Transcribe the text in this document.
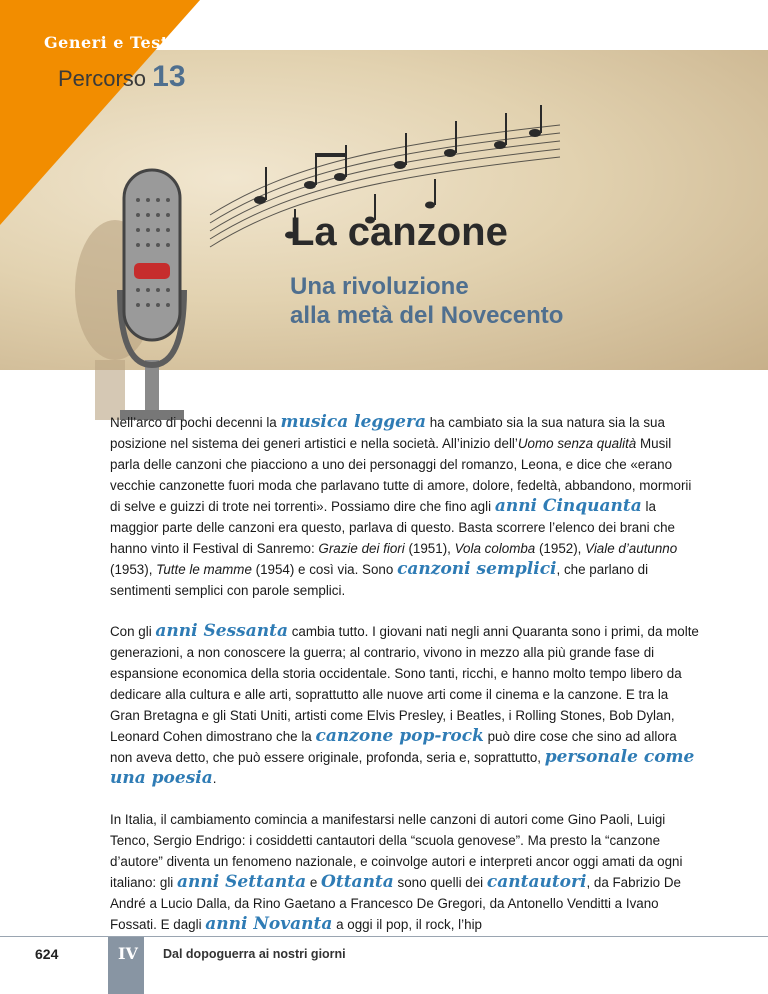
Generi e Testi
Percorso 13
La canzone
Una rivoluzione
alla metà del Novecento

Nell’arco di pochi decenni la musica leggera ha cambiato sia la sua natura sia la sua posizione nel sistema dei generi artistici e nella società. All’inizio dell’Uomo senza qualità Musil parla delle canzoni che piacciono a uno dei personaggi del romanzo, Leona, e dice che «erano vecchie canzonette fuori moda che parlavano tutte di amore, dolore, fedeltà, abbandono, mormorii di selve e guizzi di trote nei torrenti». Possiamo dire che fino agli anni Cinquanta la maggior parte delle canzoni era questo, parlava di questo. Basta scorrere l’elenco dei brani che hanno vinto il Festival di Sanremo: Grazie dei fiori (1951), Vola colomba (1952), Viale d’autunno (1953), Tutte le mamme (1954) e così via. Sono canzoni semplici, che parlano di sentimenti semplici con parole semplici.

Con gli anni Sessanta cambia tutto. I giovani nati negli anni Quaranta sono i primi, da molte generazioni, a non conoscere la guerra; al contrario, vivono in mezzo alla più grande fase di espansione economica della storia occidentale. Sono tanti, ricchi, e hanno molto tempo libero da dedicare alla cultura e alle arti, soprattutto alle nuove arti come il cinema e la canzone. E tra la Gran Bretagna e gli Stati Uniti, artisti come Elvis Presley, i Beatles, i Rolling Stones, Bob Dylan, Leonard Cohen dimostrano che la canzone pop-rock può dire cose che sino ad allora non aveva detto, che può essere originale, profonda, seria e, soprattutto, personale come una poesia.

In Italia, il cambiamento comincia a manifestarsi nelle canzoni di autori come Gino Paoli, Luigi Tenco, Sergio Endrigo: i cosiddetti cantautori della “scuola genovese”. Ma presto la “canzone d’autore” diventa un fenomeno nazionale, e coinvolge autori e interpreti ancor oggi amati da ogni italiano: gli anni Settanta e Ottanta sono quelli dei cantautori, da Fabrizio De André a Lucio Dalla, da Rino Gaetano a Francesco De Gregori, da Antonello Venditti a Ivano Fossati. E dagli anni Novanta a oggi il pop, il rock, l’hip

624	IV Dal dopoguerra ai nostri giorni
